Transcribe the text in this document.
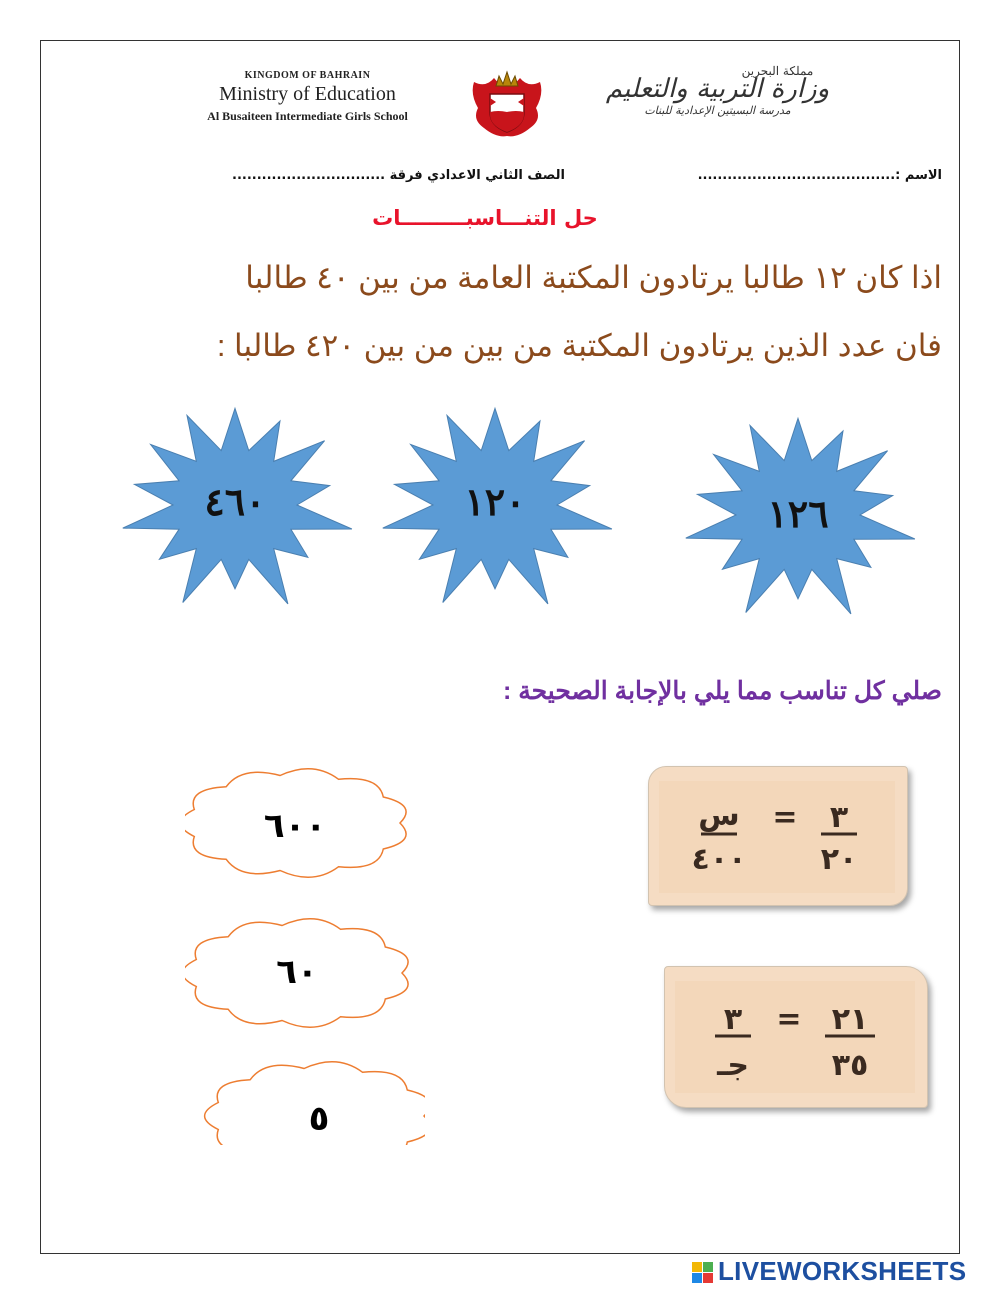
KINGDOM OF BAHRAIN
Ministry of Education
Al Busaiteen Intermediate Girls School
مملكة البحرين
وزارة التربية والتعليم
مدرسة البسيتين الإعدادية للبنات
الاسم :........................................
الصف الثاني الاعدادي فرقة ...............................
حل التنـــاسبـــــــــات
اذا كان ١٢ طالبا يرتادون المكتبة العامة من بين ٤٠ طالبا
فان عدد الذين يرتادون المكتبة من بين من بين ٤٢٠ طالبا :
٤٦٠	١٢٠	١٢٦
صلي كل تناسب مما يلي بالإجابة الصحيحة :
٦٠٠
٦٠
٥
٣
٢٠
=
س
٤٠٠
٢١
٣٥
=
٣
جـ
LIVEWORKSHEETS
